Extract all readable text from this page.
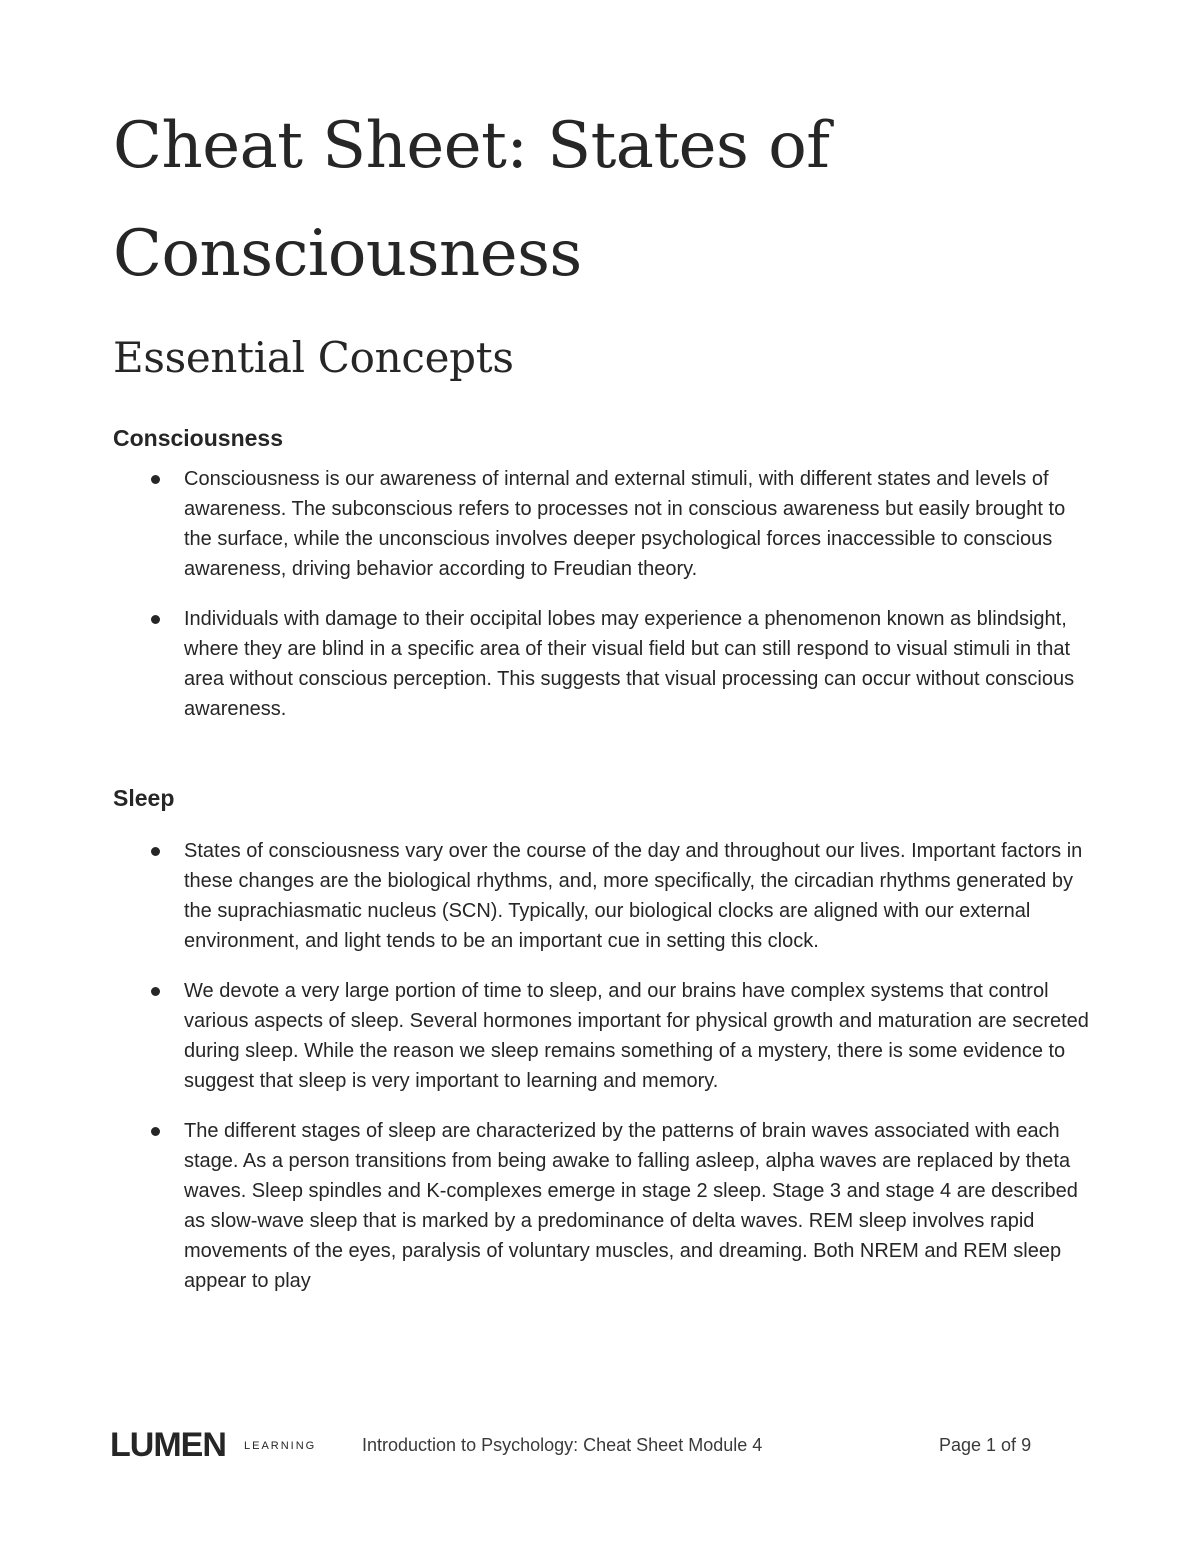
Cheat Sheet: States of Consciousness
Essential Concepts
Consciousness
Consciousness is our awareness of internal and external stimuli, with different states and levels of awareness. The subconscious refers to processes not in conscious awareness but easily brought to the surface, while the unconscious involves deeper psychological forces inaccessible to conscious awareness, driving behavior according to Freudian theory.
Individuals with damage to their occipital lobes may experience a phenomenon known as blindsight, where they are blind in a specific area of their visual field but can still respond to visual stimuli in that area without conscious perception. This suggests that visual processing can occur without conscious awareness.
Sleep
States of consciousness vary over the course of the day and throughout our lives. Important factors in these changes are the biological rhythms, and, more specifically, the circadian rhythms generated by the suprachiasmatic nucleus (SCN). Typically, our biological clocks are aligned with our external environment, and light tends to be an important cue in setting this clock.
We devote a very large portion of time to sleep, and our brains have complex systems that control various aspects of sleep. Several hormones important for physical growth and maturation are secreted during sleep. While the reason we sleep remains something of a mystery, there is some evidence to suggest that sleep is very important to learning and memory.
The different stages of sleep are characterized by the patterns of brain waves associated with each stage. As a person transitions from being awake to falling asleep, alpha waves are replaced by theta waves. Sleep spindles and K-complexes emerge in stage 2 sleep. Stage 3 and stage 4 are described as slow-wave sleep that is marked by a predominance of delta waves. REM sleep involves rapid movements of the eyes, paralysis of voluntary muscles, and dreaming. Both NREM and REM sleep appear to play
LUMEN LEARNING	Introduction to Psychology: Cheat Sheet Module 4	Page 1 of 9
